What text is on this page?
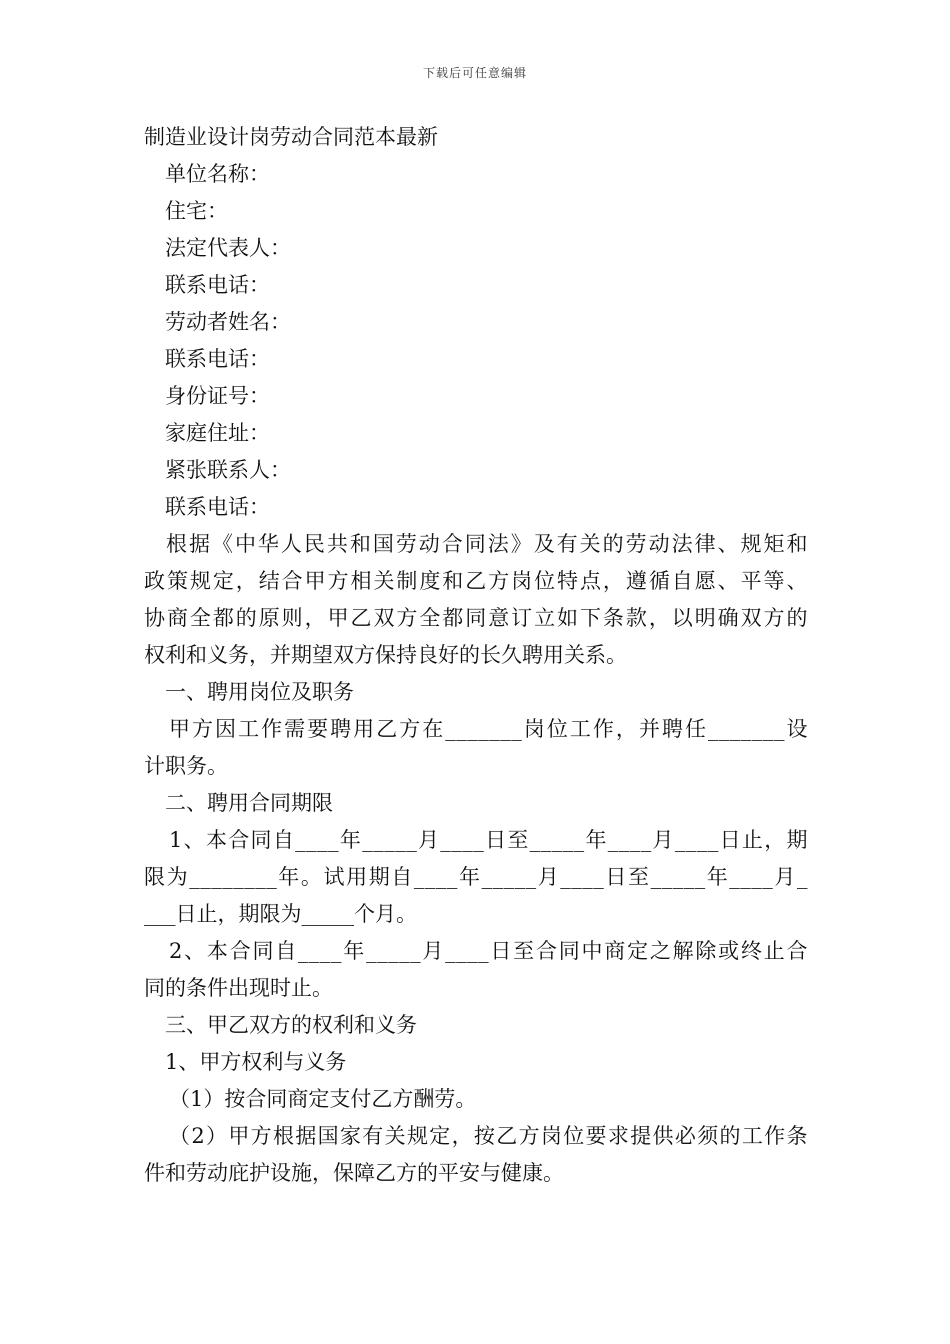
下载后可任意编辑
制造业设计岗劳动合同范本最新
单位名称：
住宅：
法定代表人：
联系电话：
劳动者姓名：
联系电话：
身份证号：
家庭住址：
紧张联系人：
联系电话：
根据《中华人民共和国劳动合同法》及有关的劳动法律、规矩和
政策规定，结合甲方相关制度和乙方岗位特点，遵循自愿、平等、
协商全都的原则，甲乙双方全都同意订立如下条款，以明确双方的
权利和义务，并期望双方保持良好的长久聘用关系。
一、聘用岗位及职务
甲方因工作需要聘用乙方在_______岗位工作，并聘任_______设
计职务。
二、聘用合同期限
1、本合同自____年_____月____日至_____年____月____日止，期
限为________年。试用期自____年_____月____日至_____年____月_
___日止，期限为_____个月。
2、本合同自____年_____月____日至合同中商定之解除或终止合
同的条件出现时止。
三、甲乙双方的权利和义务
1、甲方权利与义务
（1）按合同商定支付乙方酬劳。
（2）甲方根据国家有关规定，按乙方岗位要求提供必须的工作条
件和劳动庇护设施，保障乙方的平安与健康。
